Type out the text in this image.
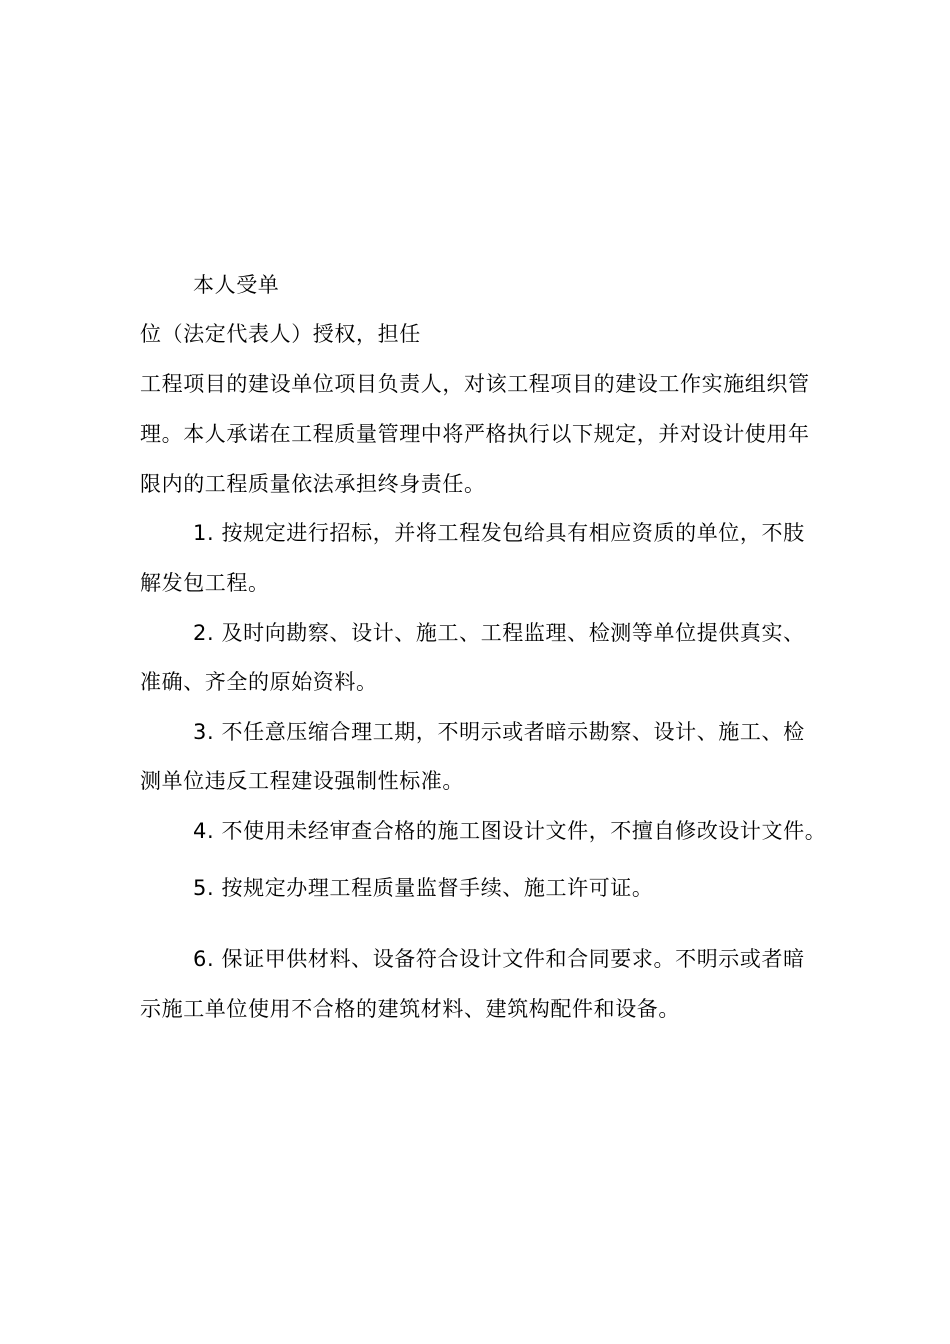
本人受单
位（法定代表人）授权，担任
工程项目的建设单位项目负责人，对该工程项目的建设工作实施组织管
理。本人承诺在工程质量管理中将严格执行以下规定，并对设计使用年
限内的工程质量依法承担终身责任。
1. 按规定进行招标，并将工程发包给具有相应资质的单位，不肢
解发包工程。
2. 及时向勘察、设计、施工、工程监理、检测等单位提供真实、
准确、齐全的原始资料。
3. 不任意压缩合理工期，不明示或者暗示勘察、设计、施工、检
测单位违反工程建设强制性标准。
4. 不使用未经审查合格的施工图设计文件，不擅自修改设计文件。
5. 按规定办理工程质量监督手续、施工许可证。
6. 保证甲供材料、设备符合设计文件和合同要求。不明示或者暗
示施工单位使用不合格的建筑材料、建筑构配件和设备。
